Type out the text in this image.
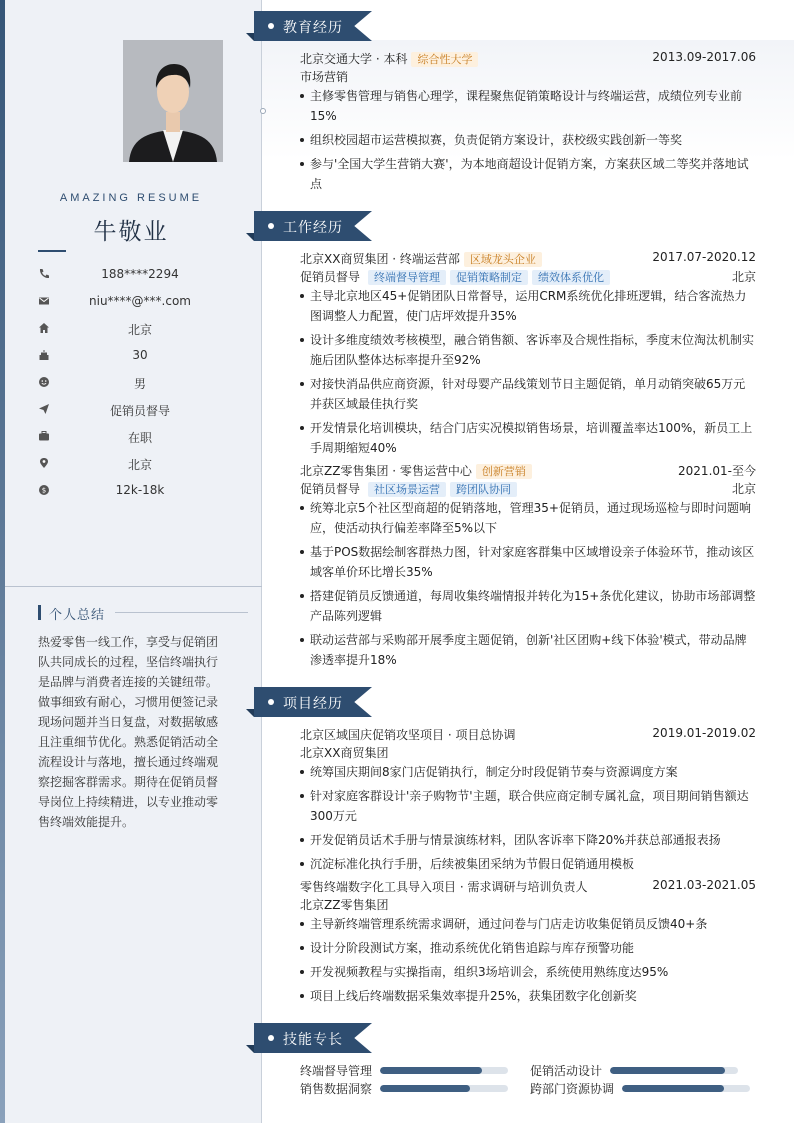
AMAZING RESUME
牛敬业
188****2294
niu****@***.com
北京
30
男
促销员督导
在职
北京
$	12k-18k
个人总结
热爱零售一线工作，享受与促销团队共同成长的过程，坚信终端执行是品牌与消费者连接的关键纽带。做事细致有耐心，习惯用便签记录现场问题并当日复盘，对数据敏感且注重细节优化。熟悉促销活动全流程设计与落地，擅长通过终端观察挖掘客群需求。期待在促销员督导岗位上持续精进，以专业推动零售终端效能提升。
教育经历
北京交通大学 · 本科 综合性大学	2013.09-2017.06
市场营销
主修零售管理与销售心理学，课程聚焦促销策略设计与终端运营，成绩位列专业前15%
组织校园超市运营模拟赛，负责促销方案设计，获校级实践创新一等奖
参与'全国大学生营销大赛'，为本地商超设计促销方案，方案获区域二等奖并落地试点
工作经历
北京XX商贸集团 · 终端运营部 区域龙头企业	2017.07-2020.12
促销员督导 终端督导管理 促销策略制定 绩效体系优化	北京
主导北京地区45+促销团队日常督导，运用CRM系统优化排班逻辑，结合客流热力图调整人力配置，使门店坪效提升35%
设计多维度绩效考核模型，融合销售额、客诉率及合规性指标，季度末位淘汰机制实施后团队整体达标率提升至92%
对接快消品供应商资源，针对母婴产品线策划节日主题促销，单月动销突破65万元并获区域最佳执行奖
开发情景化培训模块，结合门店实况模拟销售场景，培训覆盖率达100%，新员工上手周期缩短40%
北京ZZ零售集团 · 零售运营中心 创新营销	2021.01-至今
促销员督导 社区场景运营 跨团队协同	北京
统筹北京5个社区型商超的促销落地，管理35+促销员，通过现场巡检与即时问题响应，使活动执行偏差率降至5%以下
基于POS数据绘制客群热力图，针对家庭客群集中区域增设亲子体验环节，推动该区域客单价环比增长35%
搭建促销员反馈通道，每周收集终端情报并转化为15+条优化建议，协助市场部调整产品陈列逻辑
联动运营部与采购部开展季度主题促销，创新'社区团购+线下体验'模式，带动品牌渗透率提升18%
项目经历
北京区域国庆促销攻坚项目 · 项目总协调	2019.01-2019.02
北京XX商贸集团
统筹国庆期间8家门店促销执行，制定分时段促销节奏与资源调度方案
针对家庭客群设计'亲子购物节'主题，联合供应商定制专属礼盒，项目期间销售额达300万元
开发促销员话术手册与情景演练材料，团队客诉率下降20%并获总部通报表扬
沉淀标准化执行手册，后续被集团采纳为节假日促销通用模板
零售终端数字化工具导入项目 · 需求调研与培训负责人	2021.03-2021.05
北京ZZ零售集团
主导新终端管理系统需求调研，通过问卷与门店走访收集促销员反馈40+条
设计分阶段测试方案，推动系统优化销售追踪与库存预警功能
开发视频教程与实操指南，组织3场培训会，系统使用熟练度达95%
项目上线后终端数据采集效率提升25%，获集团数字化创新奖
技能专长
终端督导管理	促销活动设计
销售数据洞察	跨部门资源协调
